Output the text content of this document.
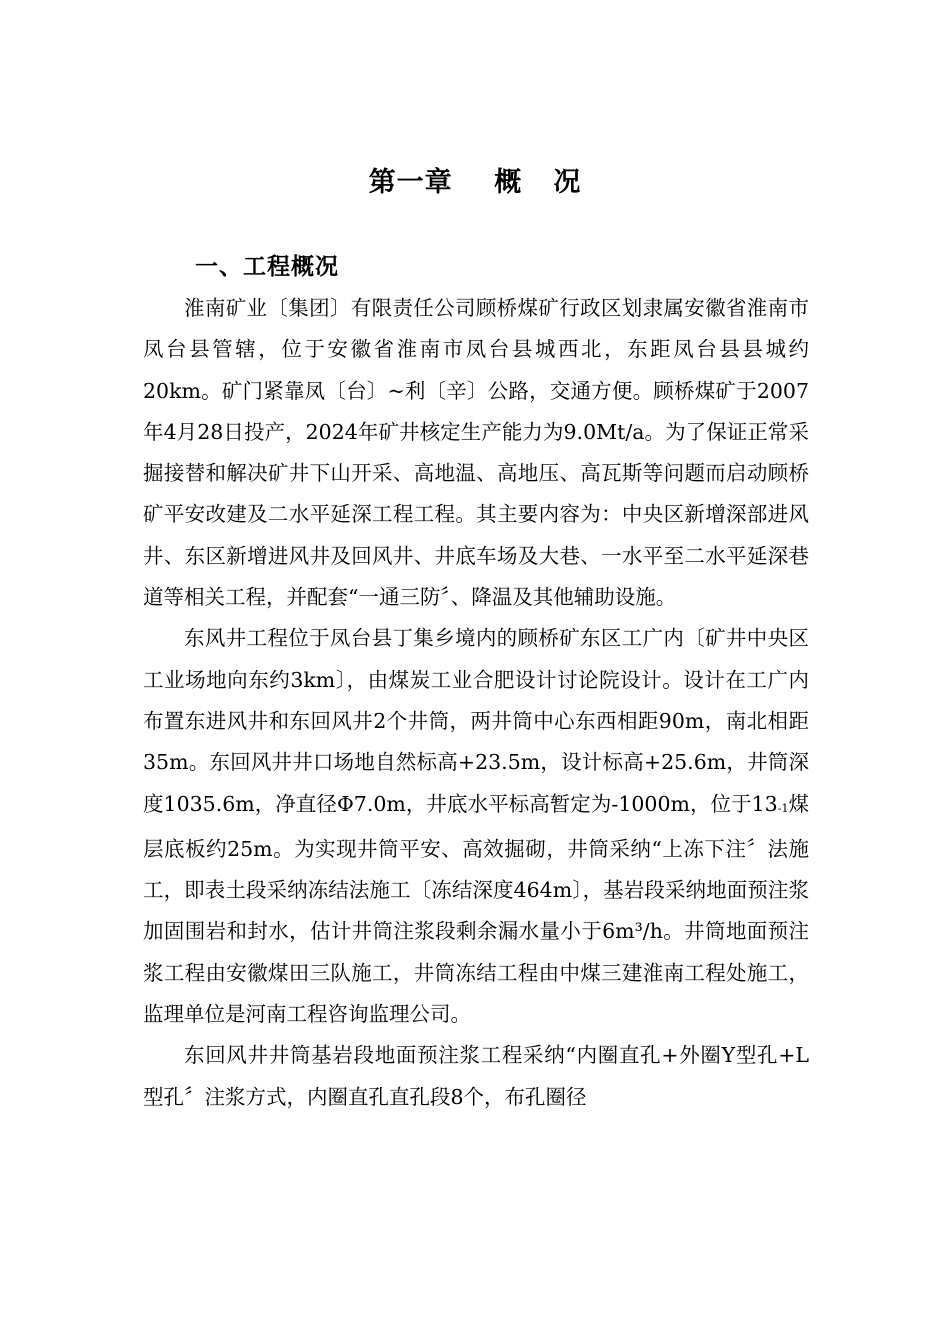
第一章    概   况
一、工程概况

淮南矿业〔集团〕有限责任公司顾桥煤矿行政区划隶属安徽省淮南市凤台县管辖，位于安徽省淮南市凤台县城西北，东距凤台县县城约20km。矿门紧靠凤〔台〕~利〔辛〕公路，交通方便。顾桥煤矿于2007年4月28日投产，2024年矿井核定生产能力为9.0Mt/a。为了保证正常采掘接替和解决矿井下山开采、高地温、高地压、高瓦斯等问题而启动顾桥矿平安改建及二水平延深工程工程。其主要内容为：中央区新增深部进风井、东区新增进风井及回风井、井底车场及大巷、一水平至二水平延深巷道等相关工程，并配套“一通三防〞、降温及其他辅助设施。

东风井工程位于凤台县丁集乡境内的顾桥矿东区工广内〔矿井中央区工业场地向东约3km〕，由煤炭工业合肥设计讨论院设计。设计在工广内布置东进风井和东回风井2个井筒，两井筒中心东西相距90m，南北相距35m。东回风井井口场地自然标高+23.5m，设计标高+25.6m，井筒深度1035.6m，净直径Φ7.0m，井底水平标高暂定为-1000m，位于$13_{-1}$煤层底板约25m。为实现井筒平安、高效掘砌，井筒采纳“上冻下注〞法施工，即表土段采纳冻结法施工〔冻结深度464m〕，基岩段采纳地面预注浆加固围岩和封水，估计井筒注浆段剩余漏水量小于6m³/h。井筒地面预注浆工程由安徽煤田三队施工，井筒冻结工程由中煤三建淮南工程处施工，监理单位是河南工程咨询监理公司。

东回风井井筒基岩段地面预注浆工程采纳“内圈直孔+外圈Y型孔+L型孔〞注浆方式，内圈直孔直孔段8个，布孔圈径
